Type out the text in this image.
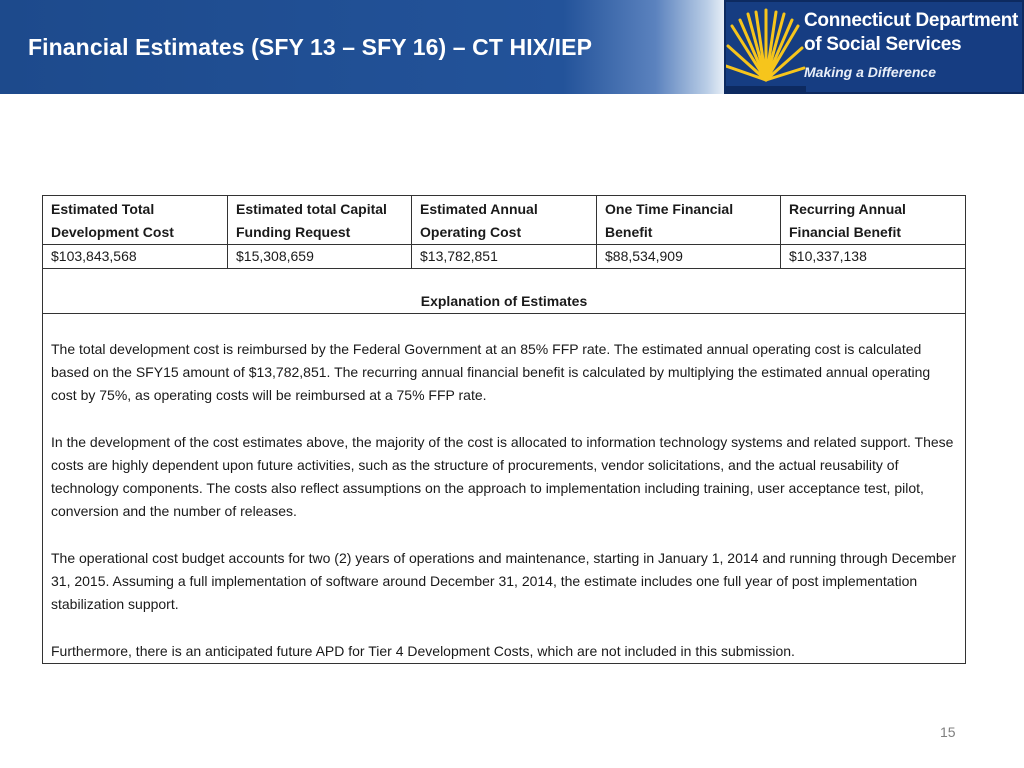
Financial Estimates (SFY 13 – SFY 16) – CT HIX/IEP
Connecticut Department
of Social Services
Making a Difference
Estimated Total Development Cost	Estimated total Capital Funding Request	Estimated Annual Operating Cost	One Time Financial Benefit	Recurring Annual Financial Benefit
$103,843,568	$15,308,659	$13,782,851	$88,534,909	$10,337,138
Explanation of Estimates				

The total development cost is reimbursed by the Federal Government at an 85% FFP rate. The estimated annual operating cost is calculated based on the SFY15 amount of $13,782,851. The recurring annual financial benefit is calculated by multiplying the estimated annual operating cost by 75%, as operating costs will be reimbursed at a 75% FFP rate.

In the development of the cost estimates above, the majority of the cost is allocated to information technology systems and related support. These costs are highly dependent upon future activities, such as the structure of procurements, vendor solicitations, and the actual reusability of technology components. The costs also reflect assumptions on the approach to implementation including training, user acceptance test, pilot, conversion and the number of releases.

The operational cost budget accounts for two (2) years of operations and maintenance, starting in January 1, 2014 and running through December 31, 2015. Assuming a full implementation of software around December 31, 2014, the estimate includes one full year of post implementation stabilization support.

Furthermore, there is an anticipated future APD for Tier 4 Development Costs, which are not included in this submission.				

15
